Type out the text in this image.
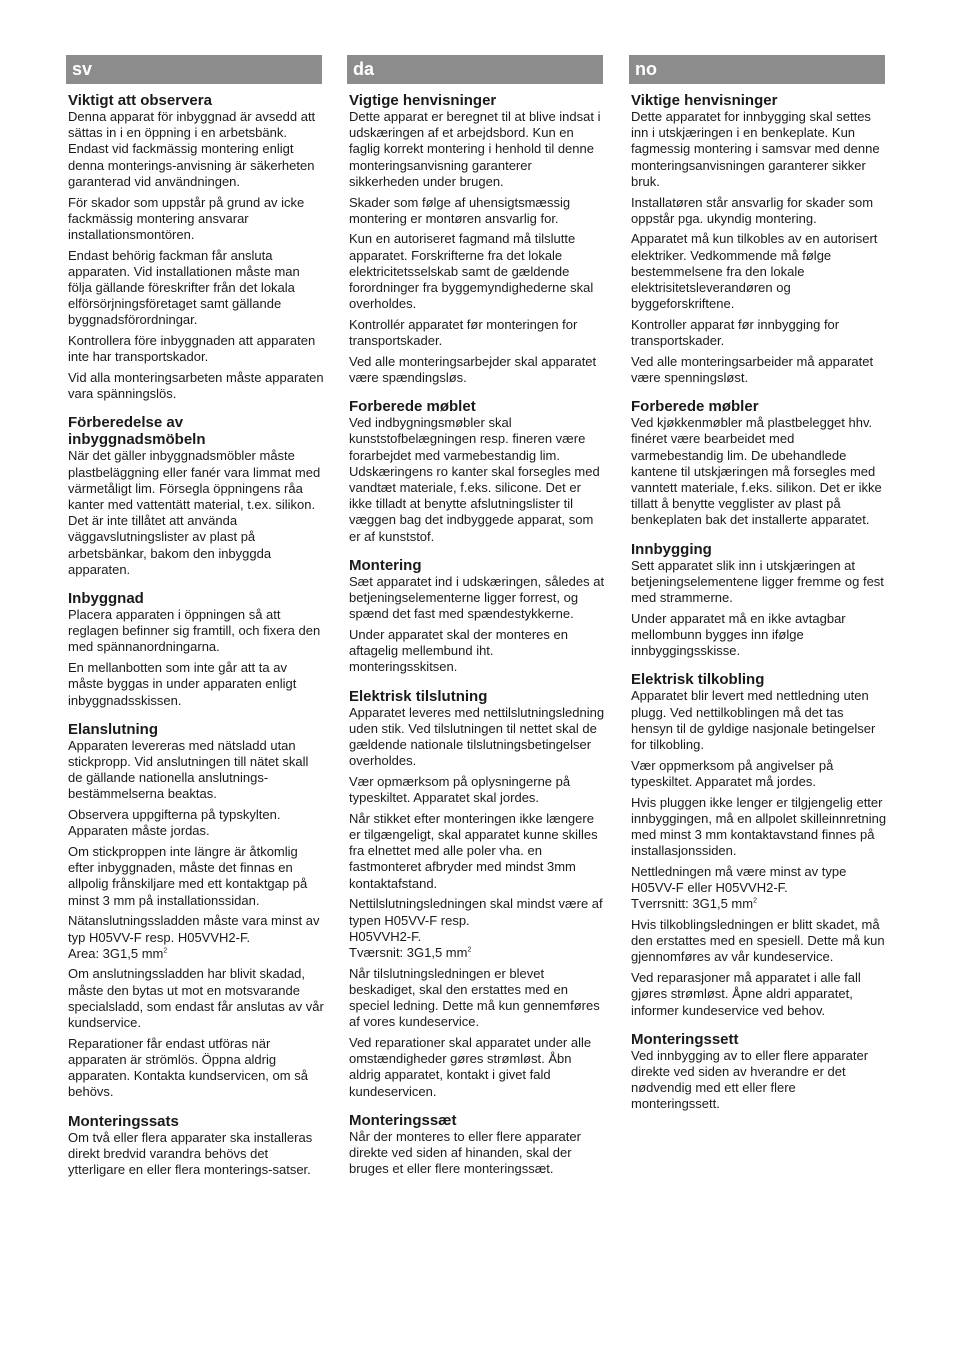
sv
Viktigt att observera

Denna apparat för inbyggnad är avsedd att sättas in i en öppning i en arbetsbänk. Endast vid fackmässig montering enligt denna monterings-anvisning är säkerheten garanterad vid användningen.

För skador som uppstår på grund av icke fackmässig montering ansvarar installationsmontören.

Endast behörig fackman får ansluta apparaten. Vid installationen måste man följa gällande föreskrifter från det lokala elförsörjningsföretaget samt gällande byggnadsförordningar.

Kontrollera före inbyggnaden att apparaten inte har transportskador.

Vid alla monteringsarbeten måste apparaten vara spänningslös.

Förberedelse av
inbyggnadsmöbeln

När det gäller inbyggnadsmöbler måste plastbeläggning eller fanér vara limmat med värmetåligt lim. Försegla öppningens råa kanter med vattentätt material, t.ex. silikon. Det är inte tillåtet att använda väggavslutningslister av plast på arbetsbänkar, bakom den inbyggda apparaten.

Inbyggnad

Placera apparaten i öppningen så att reglagen befinner sig framtill, och fixera den med spännanordningarna.

En mellanbotten som inte går att ta av måste byggas in under apparaten enligt inbyggnadsskissen.

Elanslutning

Apparaten levereras med nätsladd utan stickpropp. Vid anslutningen till nätet skall de gällande nationella anslutnings-bestämmelserna beaktas.

Observera uppgifterna på typskylten. Apparaten måste jordas.

Om stickproppen inte längre är åtkomlig efter inbyggnaden, måste det finnas en allpolig frånskiljare med ett kontaktgap på minst 3 mm på installationssidan.

Nätanslutningssladden måste vara minst av typ H05VV-F resp. H05VVH2-F.
Area: 3G1,5 $mm^2$

Om anslutningssladden har blivit skadad, måste den bytas ut mot en motsvarande specialsladd, som endast får anslutas av vår kundservice.

Reparationer får endast utföras när apparaten är strömlös. Öppna aldrig apparaten. Kontakta kundservicen, om så behövs.

Monteringssats

Om två eller flera apparater ska installeras direkt bredvid varandra behövs det ytterligare en eller flera monterings-satser.

da
Vigtige henvisninger

Dette apparat er beregnet til at blive indsat i udskæringen af et arbejdsbord. Kun en faglig korrekt montering i henhold til denne monteringsanvisning garanterer sikkerheden under brugen.

Skader som følge af uhensigtsmæssig montering er montøren ansvarlig for.

Kun en autoriseret fagmand må tilslutte apparatet. Forskrifterne fra det lokale elektricitetsselskab samt de gældende forordninger fra byggemyndighederne skal overholdes.

Kontrollér apparatet før monteringen for transportskader.

Ved alle monteringsarbejder skal apparatet være spændingsløs.

Forberede møblet

Ved indbygningsmøbler skal kunststofbelægningen resp. fineren være forarbejdet med varmebestandig lim. Udskæringens ro kanter skal forsegles med vandtæt materiale, f.eks. silicone. Det er ikke tilladt at benytte afslutningslister til væggen bag det indbyggede apparat, som er af kunststof.

Montering

Sæt apparatet ind i udskæringen, således at betjeningselementerne ligger forrest, og spænd det fast med spændestykkerne.

Under apparatet skal der monteres en aftagelig mellembund iht. monteringsskitsen.

Elektrisk tilslutning

Apparatet leveres med nettilslutningsledning uden stik. Ved tilslutningen til nettet skal de gældende nationale tilslutningsbetingelser overholdes.

Vær opmærksom på oplysningerne på typeskiltet. Apparatet skal jordes.

Når stikket efter monteringen ikke længere er tilgængeligt, skal apparatet kunne skilles fra elnettet med alle poler vha. en fastmonteret afbryder med mindst 3mm kontaktafstand.

Nettilslutningsledningen skal mindst være af typen H05VV-F resp.
H05VVH2-F.
Tværsnit: 3G1,5 $mm^2$

Når tilslutningsledningen er blevet beskadiget, skal den erstattes med en speciel ledning. Dette må kun gennemføres af vores kundeservice.

Ved reparationer skal apparatet under alle omstændigheder gøres strømløst. Åbn aldrig apparatet, kontakt i givet fald kundeservicen.

Monteringssæt

Når der monteres to eller flere apparater direkte ved siden af hinanden, skal der bruges et eller flere monteringssæt.

no
Viktige henvisninger

Dette apparatet for innbygging skal settes inn i utskjæringen i en benkeplate. Kun fagmessig montering i samsvar med denne monteringsanvisningen garanterer sikker bruk.

Installatøren står ansvarlig for skader som oppstår pga. ukyndig montering.

Apparatet må kun tilkobles av en autorisert elektriker. Vedkommende må følge bestemmelsene fra den lokale elektrisitetsleverandøren og byggeforskriftene.

Kontroller apparat før innbygging for transportskader.

Ved alle monteringsarbeider må apparatet være spenningsløst.

Forberede møbler

Ved kjøkkenmøbler må plastbelegget hhv. finéret være bearbeidet med varmebestandig lim. De ubehandlede kantene til utskjæringen må forsegles med vanntett materiale, f.eks. silikon. Det er ikke tillatt å benytte vegglister av plast på benkeplaten bak det installerte apparatet.

Innbygging

Sett apparatet slik inn i utskjæringen at betjeningselementene ligger fremme og fest med strammerne.

Under apparatet må en ikke avtagbar mellombunn bygges inn ifølge innbyggingsskisse.

Elektrisk tilkobling

Apparatet blir levert med nettledning uten plugg. Ved nettilkoblingen må det tas hensyn til de gyldige nasjonale betingelser for tilkobling.

Vær oppmerksom på angivelser på typeskiltet. Apparatet må jordes.

Hvis pluggen ikke lenger er tilgjengelig etter innbyggingen, må en allpolet skilleinnretning med minst 3 mm kontaktavstand finnes på installasjonssiden.

Nettledningen må være minst av type H05VV-F eller H05VVH2-F.
Tverrsnitt: 3G1,5 $mm^2$

Hvis tilkoblingsledningen er blitt skadet, må den erstattes med en spesiell. Dette må kun gjennomføres av vår kundeservice.

Ved reparasjoner må apparatet i alle fall gjøres strømløst. Åpne aldri apparatet, informer kundeservice ved behov.

Monteringssett

Ved innbygging av to eller flere apparater direkte ved siden av hverandre er det nødvendig med ett eller flere monteringssett.
